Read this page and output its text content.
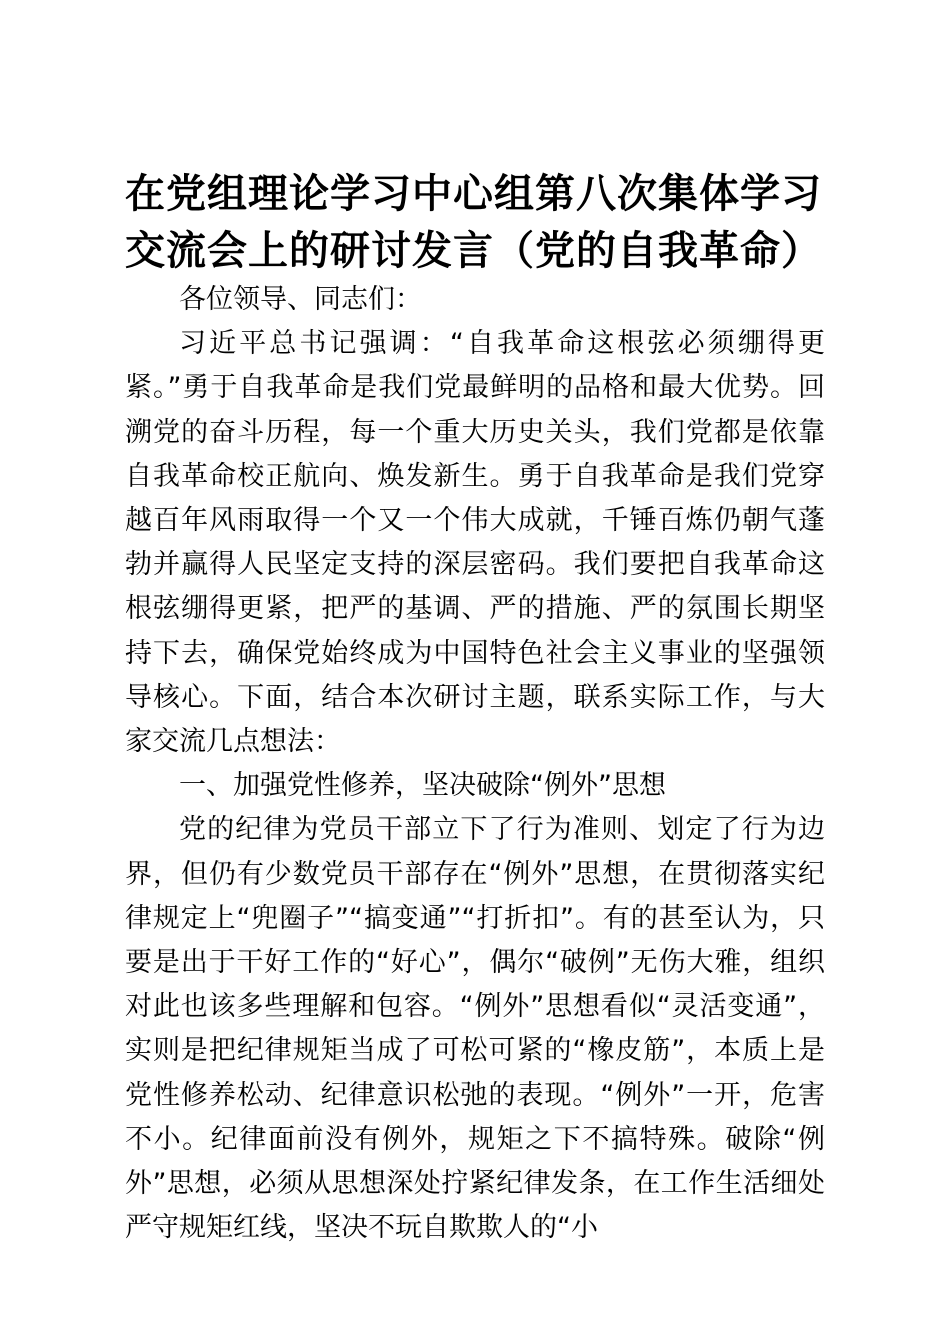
在党组理论学习中心组第八次集体学习
交流会上的研讨发言（党的自我革命）

各位领导、同志们：

习近平总书记强调：“自我革命这根弦必须绷得更紧。”勇于自我革命是我们党最鲜明的品格和最大优势。回溯党的奋斗历程，每一个重大历史关头，我们党都是依靠自我革命校正航向、焕发新生。勇于自我革命是我们党穿越百年风雨取得一个又一个伟大成就，千锤百炼仍朝气蓬勃并赢得人民坚定支持的深层密码。我们要把自我革命这根弦绷得更紧，把严的基调、严的措施、严的氛围长期坚持下去，确保党始终成为中国特色社会主义事业的坚强领导核心。下面，结合本次研讨主题，联系实际工作，与大家交流几点想法：

一、加强党性修养，坚决破除“例外”思想

党的纪律为党员干部立下了行为准则、划定了行为边界，但仍有少数党员干部存在“例外”思想，在贯彻落实纪律规定上“兜圈子”“搞变通”“打折扣”。有的甚至认为，只要是出于干好工作的“好心”，偶尔“破例”无伤大雅，组织对此也该多些理解和包容。“例外”思想看似“灵活变通”，实则是把纪律规矩当成了可松可紧的“橡皮筋”，本质上是党性修养松动、纪律意识松弛的表现。“例外”一开，危害不小。纪律面前没有例外，规矩之下不搞特殊。破除“例外”思想，必须从思想深处拧紧纪律发条，在工作生活细处严守规矩红线，坚决不玩自欺欺人的“小
